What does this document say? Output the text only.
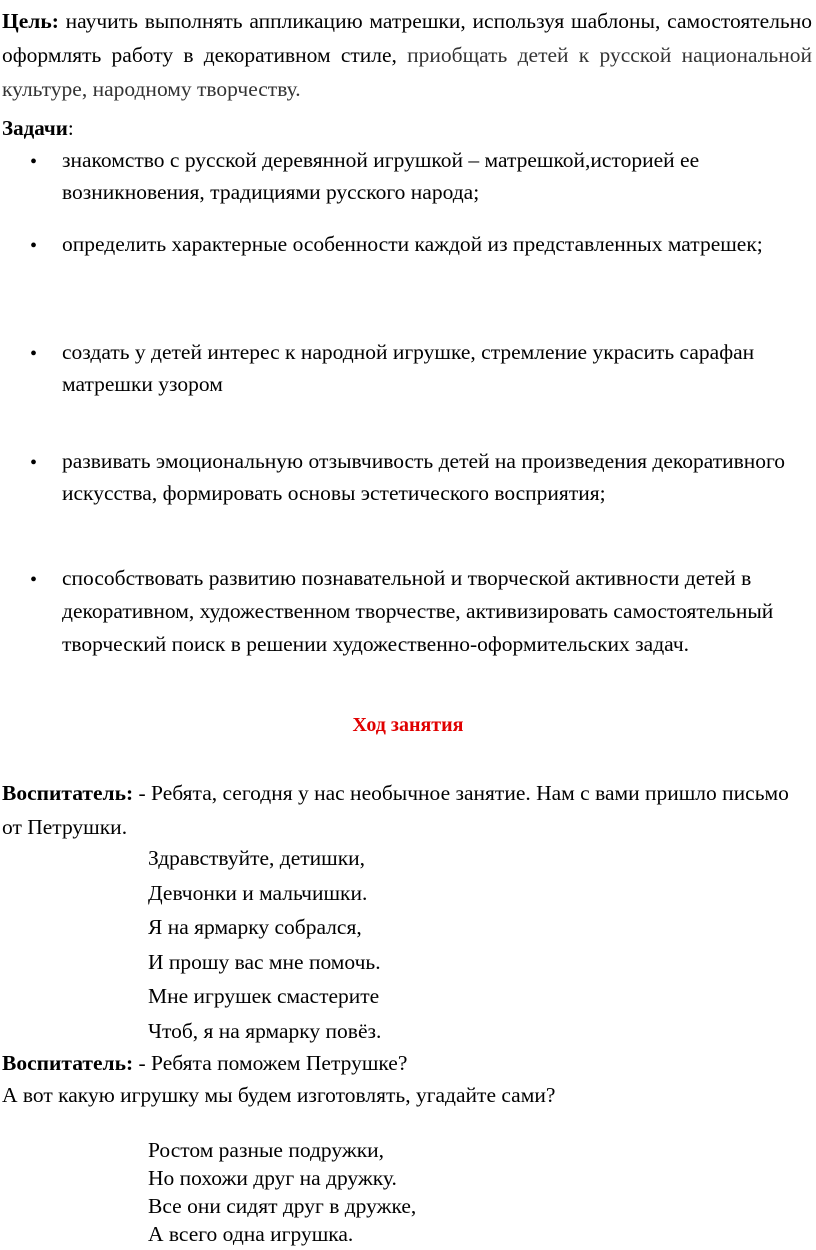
Цель: научить выполнять аппликацию матрешки, используя шаблоны, самостоятельно оформлять работу в декоративном стиле, приобщать детей к русской национальной культуре, народному творчеству.
Задачи:
• знакомство с русской деревянной игрушкой – матрешкой,историей ее возникновения, традициями русского народа;
• определить характерные особенности каждой из представленных матрешек;
• создать у детей интерес к народной игрушке, стремление украсить сарафан матрешки узором
• развивать эмоциональную отзывчивость детей на произведения декоративного искусства, формировать основы эстетического восприятия;
• способствовать развитию познавательной и творческой активности детей в декоративном, художественном творчестве, активизировать самостоятельный творческий поиск в решении художественно-оформительских задач.
Ход занятия
Воспитатель: - Ребята, сегодня у нас необычное занятие. Нам с вами пришло письмо от Петрушки.
Здравствуйте, детишки,
Девчонки и мальчишки.
Я на ярмарку собрался,
И прошу вас мне помочь.
Мне игрушек смастерите
Чтоб, я на ярмарку повёз.
Воспитатель: - Ребята поможем Петрушке?
А вот какую игрушку мы будем изготовлять, угадайте сами?
Ростом разные подружки,
Но похожи друг на дружку.
Все они сидят друг в дружке,
А всего одна игрушка.
